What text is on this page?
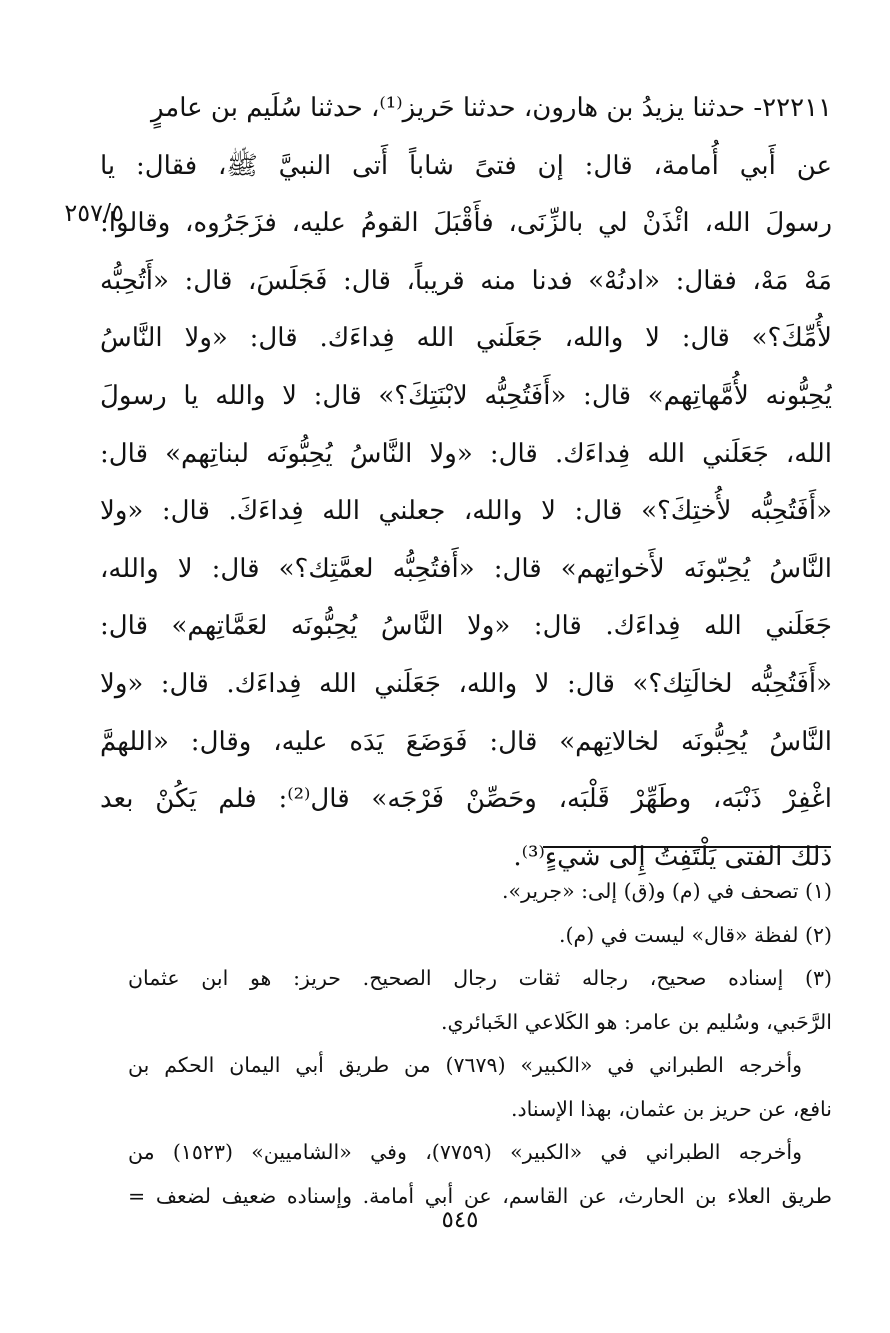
٢٢٢١١- حدثنا يزيدُ بن هارون، حدثنا حَريز⁽¹⁾، حدثنا سُلَيم بن عامرٍ
عن أَبي أُمامة، قال: إن فتىً شاباً أَتى النبيَّ ﷺ، فقال: يا
رسولَ الله، ائْذَنْ لي بالزِّنَى، فأَقْبَلَ القومُ عليه، فزَجَرُوه، وقالوا:
مَهْ مَهْ، فقال: «ادنُهْ» فدنا منه قريباً، قال: فَجَلَسَ، قال: «أَتُحِبُّه
لأُمِّكَ؟» قال: لا والله، جَعَلَني الله فِداءَك. قال: «ولا النَّاسُ
يُحِبُّونه لأُمَّهاتِهم» قال: «أَفَتُحِبُّه لابْنَتِكَ؟» قال: لا والله يا رسولَ
الله، جَعَلَني الله فِداءَك. قال: «ولا النَّاسُ يُحِبُّونَه لبناتِهم» قال:
«أَفَتُحِبُّه لأُختِكَ؟» قال: لا والله، جعلني الله فِداءَكَ. قال: «ولا
النَّاسُ يُحِبّونَه لأَخواتِهم» قال: «أَفتُحِبُّه لعمَّتِك؟» قال: لا والله،
جَعَلَني الله فِداءَك. قال: «ولا النَّاسُ يُحِبُّونَه لعَمَّاتِهم» قال:
«أَفَتُحِبُّه لخالَتِك؟» قال: لا والله، جَعَلَني الله فِداءَك. قال: «ولا
النَّاسُ يُحِبُّونَه لخالاتِهم» قال: فَوَضَعَ يَدَه عليه، وقال: «اللهمَّ
اغْفِرْ ذَنْبَه، وطَهِّرْ قَلْبَه، وحَصِّنْ فَرْجَه» قال⁽²⁾: فلم يَكُنْ بعد
ذلك الفتى يَلْتَفِتُ إِلى شيءٍ⁽³⁾.
٢٥٧/٥
(١) تصحف في (م) و(ق) إلى: «جرير».
(٢) لفظة «قال» ليست في (م).
(٣) إسناده صحيح، رجاله ثقات رجال الصحيح. حريز: هو ابن عثمان
الرَّحَبي، وسُليم بن عامر: هو الكَلاعي الخَبائري.
وأخرجه الطبراني في «الكبير» (٧٦٧٩) من طريق أبي اليمان الحكم بن
نافع، عن حريز بن عثمان، بهذا الإسناد.
وأخرجه الطبراني في «الكبير» (٧٧٥٩)، وفي «الشاميين» (١٥٢٣) من
طريق العلاء بن الحارث، عن القاسم، عن أبي أمامة. وإسناده ضعيف لضعف =
٥٤٥
